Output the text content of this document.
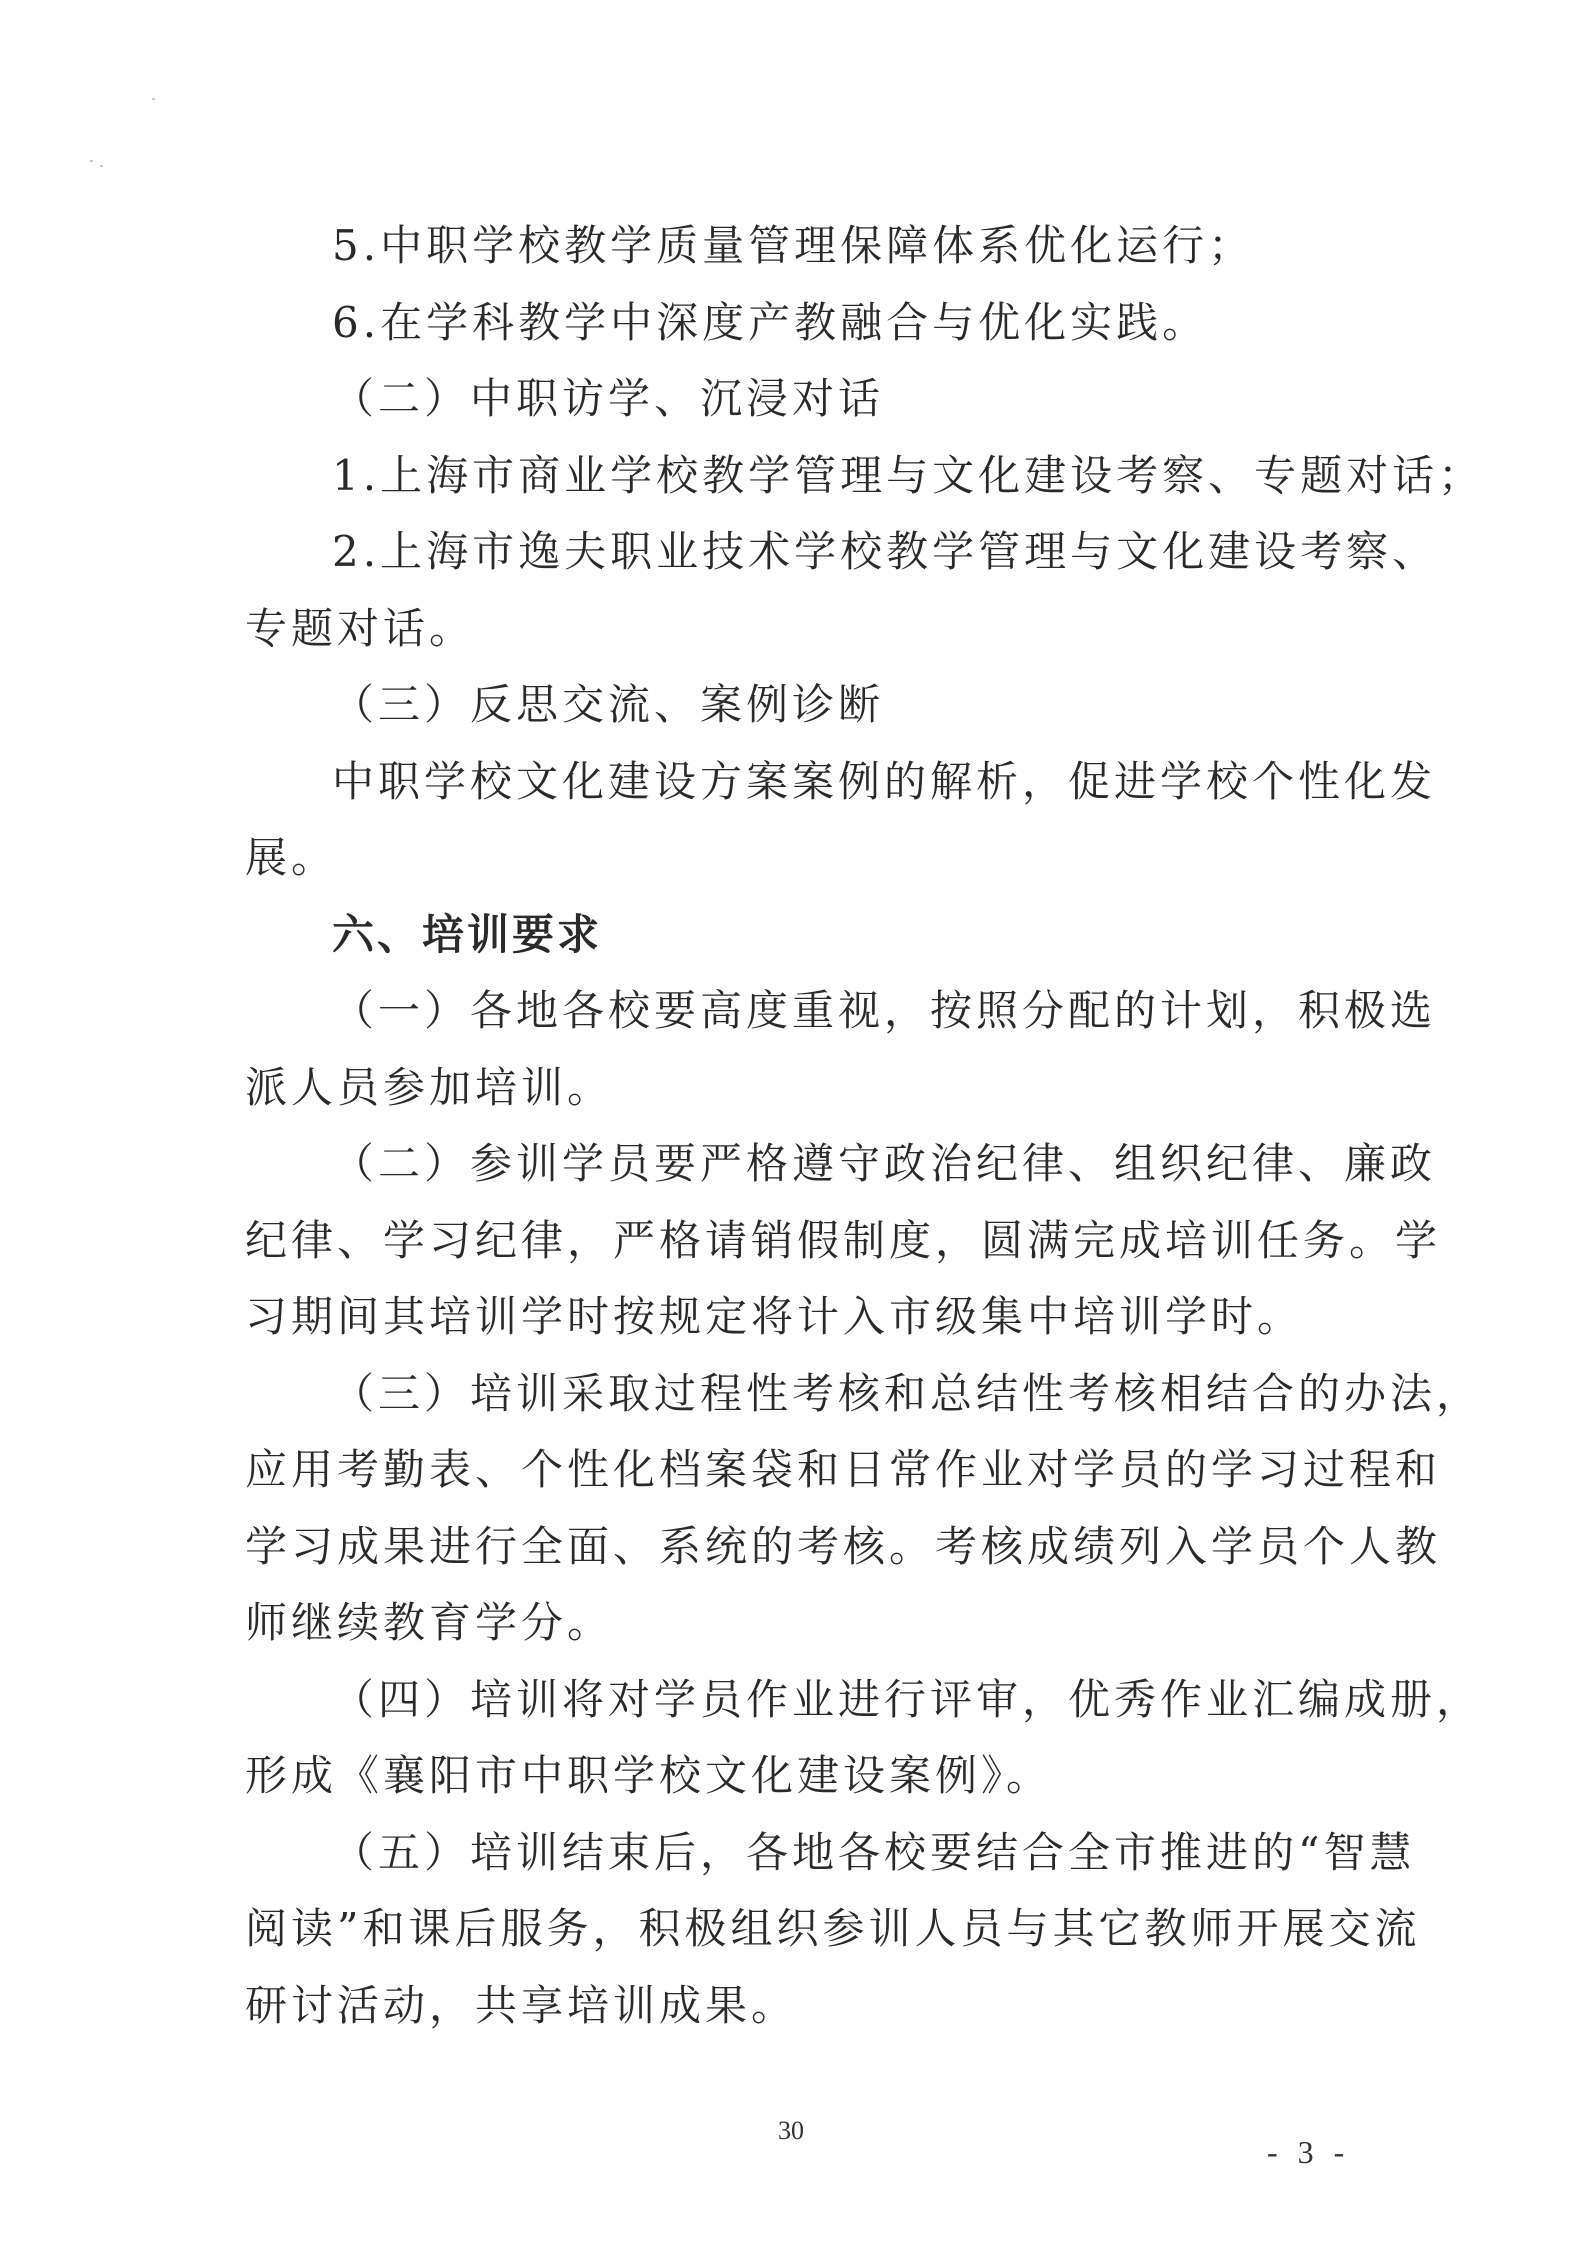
5.中职学校教学质量管理保障体系优化运行；
6.在学科教学中深度产教融合与优化实践。
（二）中职访学、沉浸对话
1.上海市商业学校教学管理与文化建设考察、专题对话；
2.上海市逸夫职业技术学校教学管理与文化建设考察、
专题对话。
（三）反思交流、案例诊断
中职学校文化建设方案案例的解析，促进学校个性化发
展。
六、培训要求
（一）各地各校要高度重视，按照分配的计划，积极选
派人员参加培训。
（二）参训学员要严格遵守政治纪律、组织纪律、廉政
纪律、学习纪律，严格请销假制度，圆满完成培训任务。学
习期间其培训学时按规定将计入市级集中培训学时。
（三）培训采取过程性考核和总结性考核相结合的办法，
应用考勤表、个性化档案袋和日常作业对学员的学习过程和
学习成果进行全面、系统的考核。考核成绩列入学员个人教
师继续教育学分。
（四）培训将对学员作业进行评审，优秀作业汇编成册，
形成《襄阳市中职学校文化建设案例》。
（五）培训结束后，各地各校要结合全市推进的“智慧
阅读”和课后服务，积极组织参训人员与其它教师开展交流
研讨活动，共享培训成果。
30
- 3 -
